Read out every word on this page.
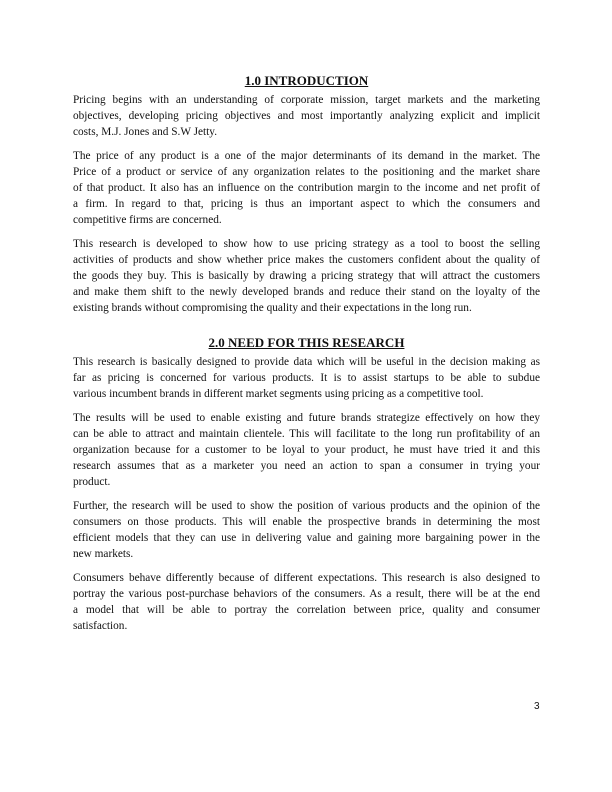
1.0 INTRODUCTION
Pricing begins with an understanding of corporate mission, target markets and the marketing
objectives, developing pricing objectives and most importantly analyzing explicit and implicit
costs, M.J. Jones and S.W Jetty.
The price of any product is a one of the major determinants of its demand in the market. The
Price of a product or service of any organization relates to the positioning and the market share
of that product. It also has an influence on the contribution margin to the income and net profit of
a firm. In regard to that, pricing is thus an important aspect to which the consumers and
competitive firms are concerned.
This research is developed to show how to use pricing strategy as a tool to boost the selling
activities of products and show whether price makes the customers confident about the quality of
the goods they buy. This is basically by drawing a pricing strategy that will attract the customers
and make them shift to the newly developed brands and reduce their stand on the loyalty of the
existing brands without compromising the quality and their expectations in the long run.
2.0 NEED FOR THIS RESEARCH
This research is basically designed to provide data which will be useful in the decision making as
far as pricing is concerned for various products. It is to assist startups to be able to subdue
various incumbent brands in different market segments using pricing as a competitive tool.
The results will be used to enable existing and future brands strategize effectively on how they
can be able to attract and maintain clientele. This will facilitate to the long run profitability of an
organization because for a customer to be loyal to your product, he must have tried it and this
research assumes that as a marketer you need an action to span a consumer in trying your
product.
Further, the research will be used to show the position of various products and the opinion of the
consumers on those products. This will enable the prospective brands in determining the most
efficient models that they can use in delivering value and gaining more bargaining power in the
new markets.
Consumers behave differently because of different expectations. This research is also designed to
portray the various post-purchase behaviors of the consumers. As a result, there will be at the end
a model that will be able to portray the correlation between price, quality and consumer
satisfaction.
3
